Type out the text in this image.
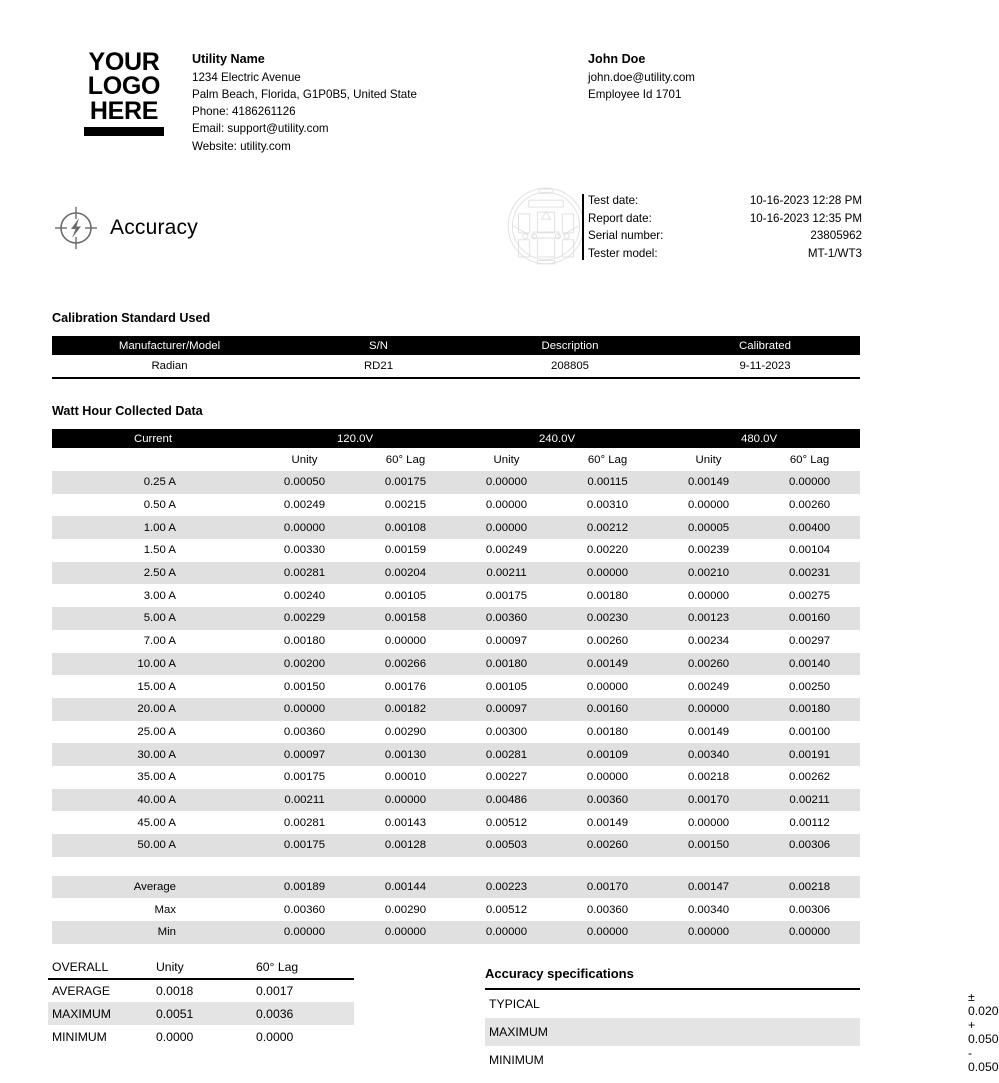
YOUR
LOGO
HERE
Utility Name
1234 Electric Avenue
Palm Beach, Florida, G1P0B5, United State
Phone: 4186261126
Email: support@utility.com
Website: utility.com
John Doe
john.doe@utility.com
Employee Id 1701
Accuracy
Test date:	10-16-2023 12:28 PM
Report date:	10-16-2023 12:35 PM
Serial number:	23805962
Tester model:	MT-1/WT3
Calibration Standard Used
Manufacturer/Model	S/N	Description	Calibrated
Radian	RD21	208805	9-11-2023
Watt Hour Collected Data
Current	120.0V		240.0V		480.0V	
	Unity	60° Lag	Unity	60° Lag	Unity	60° Lag
0.25 A	0.00050	0.00175	0.00000	0.00115	0.00149	0.00000
0.50 A	0.00249	0.00215	0.00000	0.00310	0.00000	0.00260
1.00 A	0.00000	0.00108	0.00000	0.00212	0.00005	0.00400
1.50 A	0.00330	0.00159	0.00249	0.00220	0.00239	0.00104
2.50 A	0.00281	0.00204	0.00211	0.00000	0.00210	0.00231
3.00 A	0.00240	0.00105	0.00175	0.00180	0.00000	0.00275
5.00 A	0.00229	0.00158	0.00360	0.00230	0.00123	0.00160
7.00 A	0.00180	0.00000	0.00097	0.00260	0.00234	0.00297
10.00 A	0.00200	0.00266	0.00180	0.00149	0.00260	0.00140
15.00 A	0.00150	0.00176	0.00105	0.00000	0.00249	0.00250
20.00 A	0.00000	0.00182	0.00097	0.00160	0.00000	0.00180
25.00 A	0.00360	0.00290	0.00300	0.00180	0.00149	0.00100
30.00 A	0.00097	0.00130	0.00281	0.00109	0.00340	0.00191
35.00 A	0.00175	0.00010	0.00227	0.00000	0.00218	0.00262
40.00 A	0.00211	0.00000	0.00486	0.00360	0.00170	0.00211
45.00 A	0.00281	0.00143	0.00512	0.00149	0.00000	0.00112
50.00 A	0.00175	0.00128	0.00503	0.00260	0.00150	0.00306

Average	0.00189	0.00144	0.00223	0.00170	0.00147	0.00218
Max	0.00360	0.00290	0.00512	0.00360	0.00340	0.00306
Min	0.00000	0.00000	0.00000	0.00000	0.00000	0.00000
OVERALL	Unity	60° Lag
AVERAGE	0.0018	0.0017
MAXIMUM	0.0051	0.0036
MINIMUM	0.0000	0.0000
Accuracy specifications
TYPICAL	± 0.020
MAXIMUM	+ 0.050
MINIMUM	- 0.050
